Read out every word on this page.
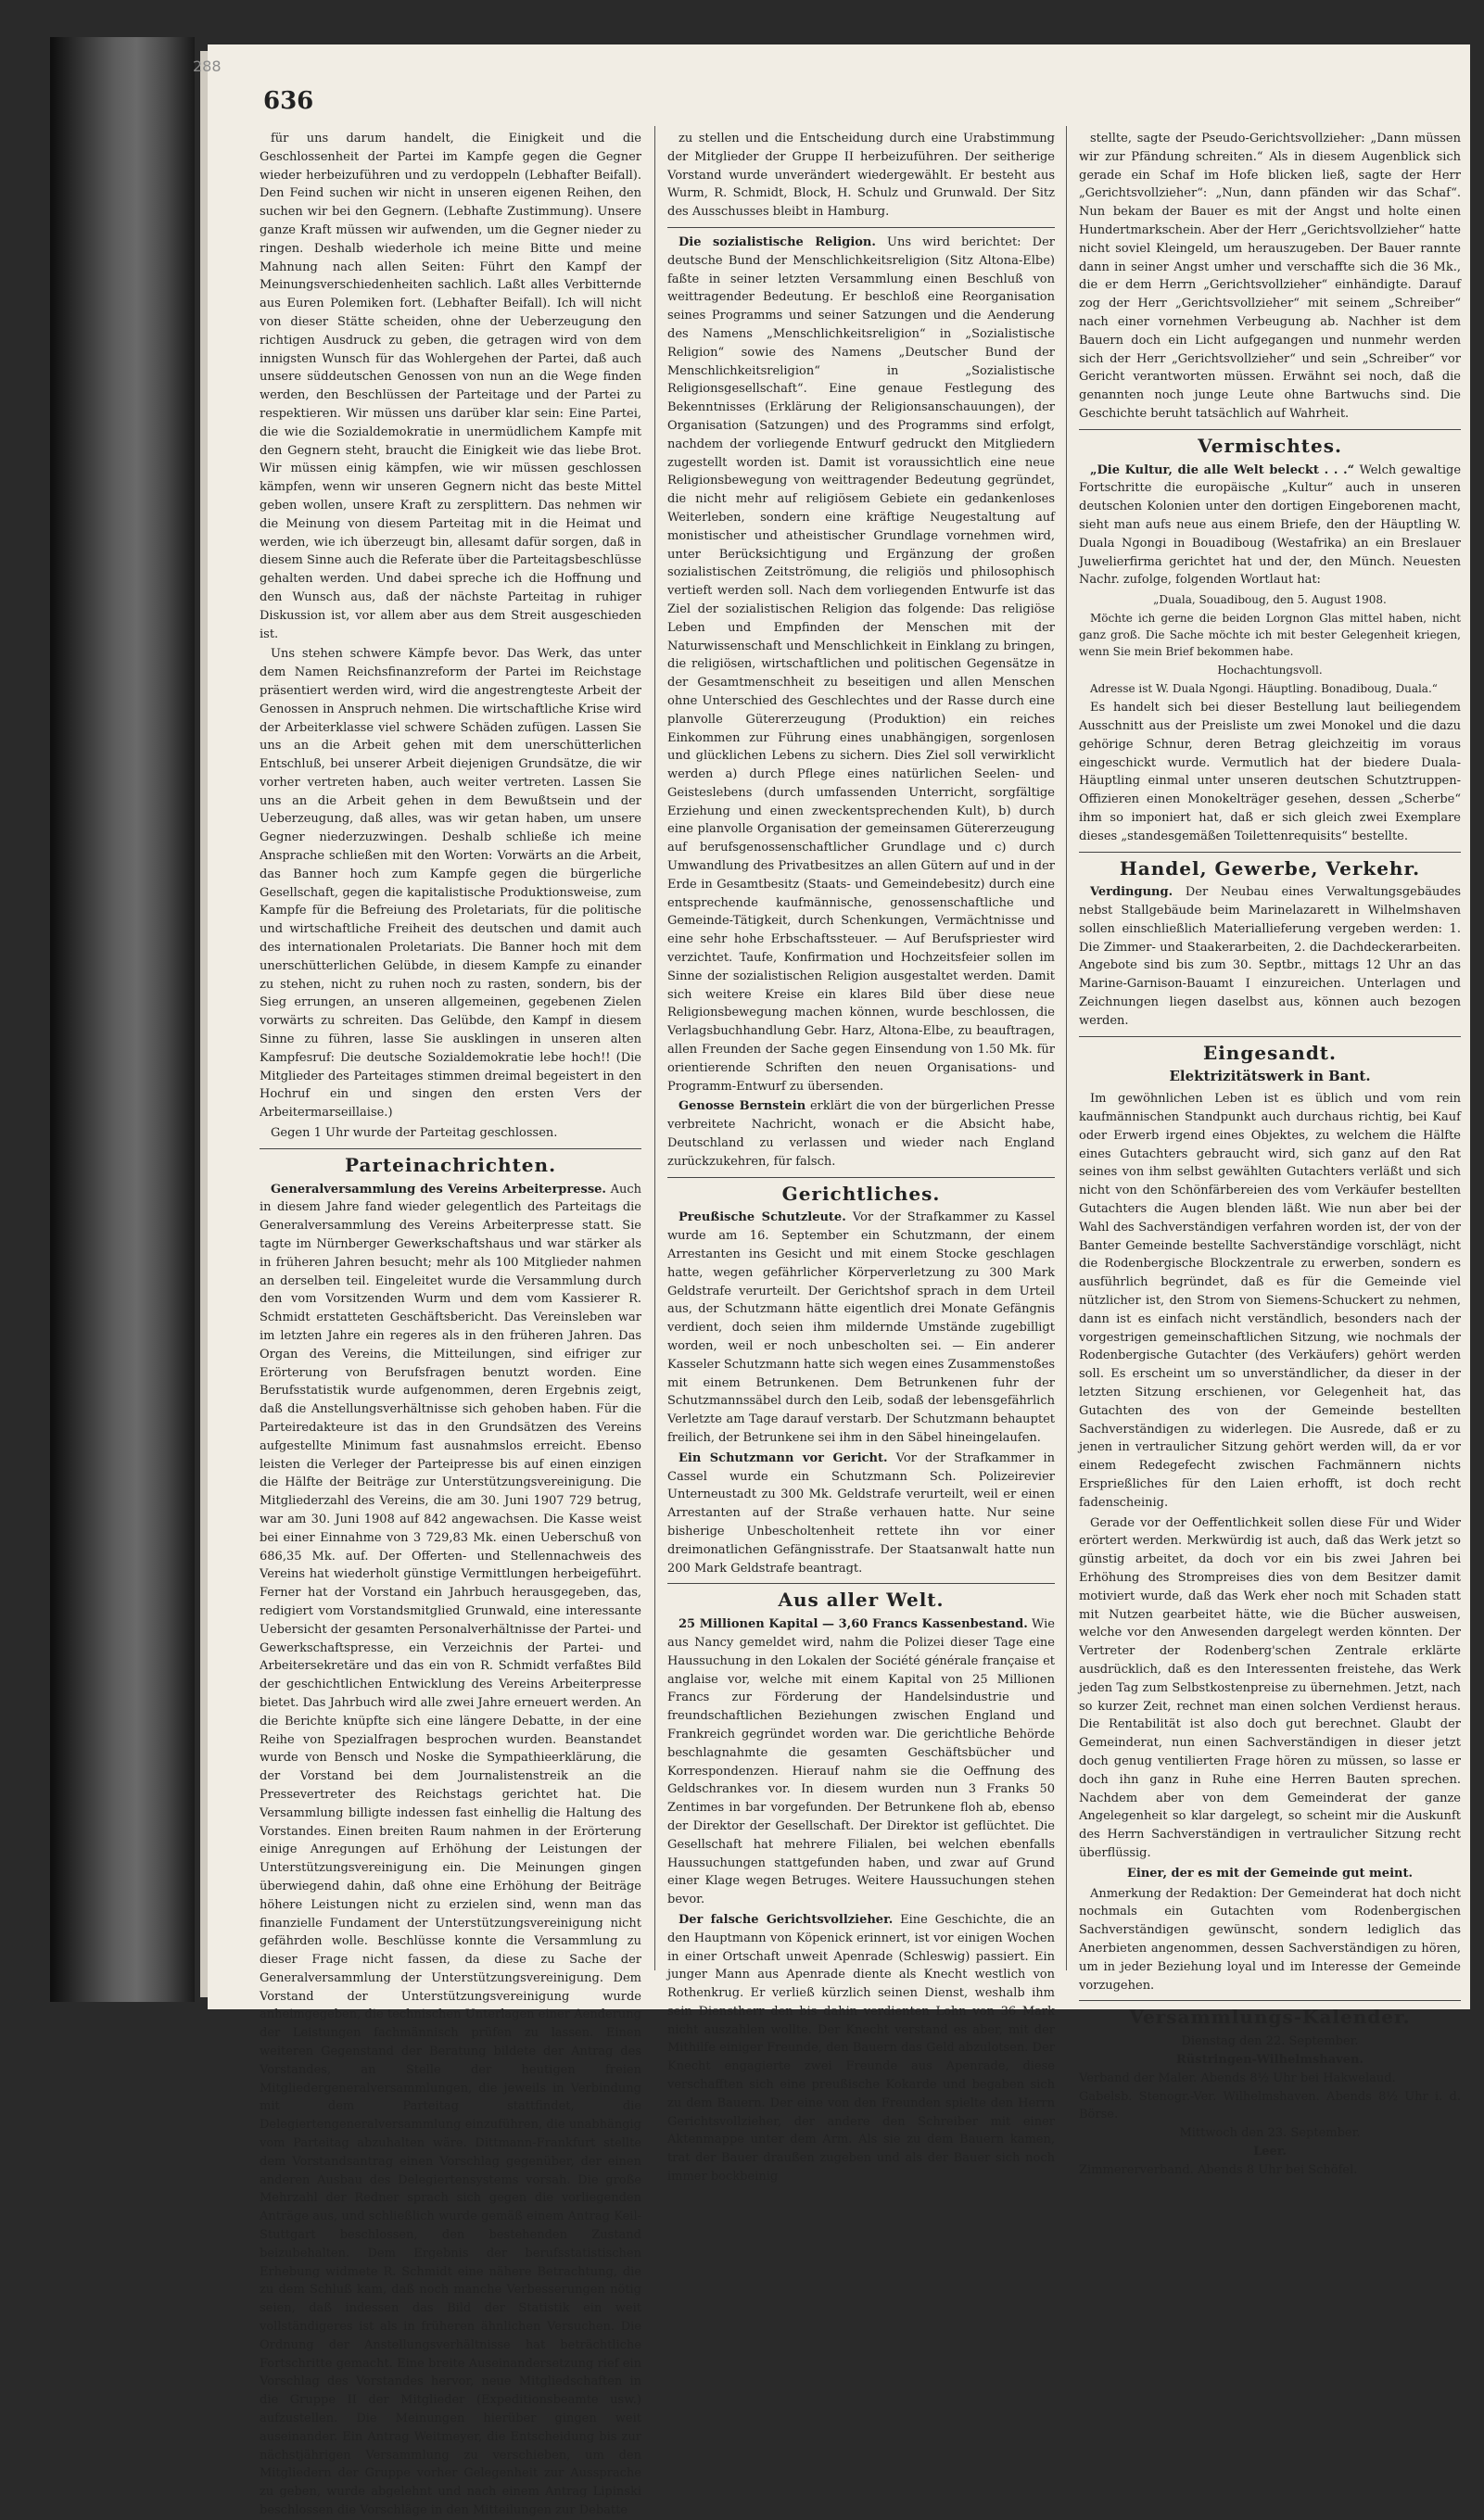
288
636

für uns darum handelt, die Einigkeit und die Geschlossenheit der Partei im Kampfe gegen die Gegner wieder herbeizuführen und zu verdoppeln (Lebhafter Beifall). Den Feind suchen wir nicht in unseren eigenen Reihen, den suchen wir bei den Gegnern. (Lebhafte Zustimmung). Unsere ganze Kraft müssen wir aufwenden, um die Gegner nieder zu ringen. Deshalb wiederhole ich meine Bitte und meine Mahnung nach allen Seiten: Führt den Kampf der Meinungsverschiedenheiten sachlich. Laßt alles Verbitternde aus Euren Polemiken fort. (Lebhafter Beifall). Ich will nicht von dieser Stätte scheiden, ohne der Ueberzeugung den richtigen Ausdruck zu geben, die getragen wird von dem innigsten Wunsch für das Wohlergehen der Partei, daß auch unsere süddeutschen Genossen von nun an die Wege finden werden, den Beschlüssen der Parteitage und der Partei zu respektieren. Wir müssen uns darüber klar sein: Eine Partei, die wie die Sozialdemokratie in unermüdlichem Kampfe mit den Gegnern steht, braucht die Einigkeit wie das liebe Brot. Wir müssen einig kämpfen, wie wir müssen geschlossen kämpfen, wenn wir unseren Gegnern nicht das beste Mittel geben wollen, unsere Kraft zu zersplittern. Das nehmen wir die Meinung von diesem Parteitag mit in die Heimat und werden, wie ich überzeugt bin, allesamt dafür sorgen, daß in diesem Sinne auch die Referate über die Parteitagsbeschlüsse gehalten werden. Und dabei spreche ich die Hoffnung und den Wunsch aus, daß der nächste Parteitag in ruhiger Diskussion ist, vor allem aber aus dem Streit ausgeschieden ist.

Uns stehen schwere Kämpfe bevor. Das Werk, das unter dem Namen Reichsfinanzreform der Partei im Reichstage präsentiert werden wird, wird die angestrengteste Arbeit der Genossen in Anspruch nehmen. Die wirtschaftliche Krise wird der Arbeiterklasse viel schwere Schäden zufügen. Lassen Sie uns an die Arbeit gehen mit dem unerschütterlichen Entschluß, bei unserer Arbeit diejenigen Grundsätze, die wir vorher vertreten haben, auch weiter vertreten. Lassen Sie uns an die Arbeit gehen in dem Bewußtsein und der Ueberzeugung, daß alles, was wir getan haben, um unsere Gegner niederzuzwingen. Deshalb schließe ich meine Ansprache schließen mit den Worten: Vorwärts an die Arbeit, das Banner hoch zum Kampfe gegen die bürgerliche Gesellschaft, gegen die kapitalistische Produktionsweise, zum Kampfe für die Befreiung des Proletariats, für die politische und wirtschaftliche Freiheit des deutschen und damit auch des internationalen Proletariats. Die Banner hoch mit dem unerschütterlichen Gelübde, in diesem Kampfe zu einander zu stehen, nicht zu ruhen noch zu rasten, sondern, bis der Sieg errungen, an unseren allgemeinen, gegebenen Zielen vorwärts zu schreiten. Das Gelübde, den Kampf in diesem Sinne zu führen, lasse Sie ausklingen in unseren alten Kampfesruf: Die deutsche Sozialdemokratie lebe hoch!! (Die Mitglieder des Parteitages stimmen dreimal begeistert in den Hochruf ein und singen den ersten Vers der Arbeitermarseillaise.)

Gegen 1 Uhr wurde der Parteitag geschlossen.

Parteinachrichten.

Generalversammlung des Vereins Arbeiterpresse. Auch in diesem Jahre fand wieder gelegentlich des Parteitags die Generalversammlung des Vereins Arbeiterpresse statt. Sie tagte im Nürnberger Gewerkschaftshaus und war stärker als in früheren Jahren besucht; mehr als 100 Mitglieder nahmen an derselben teil. Eingeleitet wurde die Versammlung durch den vom Vorsitzenden Wurm und dem vom Kassierer R. Schmidt erstatteten Geschäftsbericht. Das Vereinsleben war im letzten Jahre ein regeres als in den früheren Jahren. Das Organ des Vereins, die Mitteilungen, sind eifriger zur Erörterung von Berufsfragen benutzt worden. Eine Berufsstatistik wurde aufgenommen, deren Ergebnis zeigt, daß die Anstellungsverhältnisse sich gehoben haben. Für die Parteiredakteure ist das in den Grundsätzen des Vereins aufgestellte Minimum fast ausnahmslos erreicht. Ebenso leisten die Verleger der Parteipresse bis auf einen einzigen die Hälfte der Beiträge zur Unterstützungsvereinigung. Die Mitgliederzahl des Vereins, die am 30. Juni 1907 729 betrug, war am 30. Juni 1908 auf 842 angewachsen. Die Kasse weist bei einer Einnahme von 3 729,83 Mk. einen Ueberschuß von 686,35 Mk. auf. Der Offerten- und Stellennachweis des Vereins hat wiederholt günstige Vermittlungen herbeigeführt. Ferner hat der Vorstand ein Jahrbuch herausgegeben, das, redigiert vom Vorstandsmitglied Grunwald, eine interessante Uebersicht der gesamten Personalverhältnisse der Partei- und Gewerkschaftspresse, ein Verzeichnis der Partei- und Arbeitersekretäre und das ein von R. Schmidt verfaßtes Bild der geschichtlichen Entwicklung des Vereins Arbeiterpresse bietet. Das Jahrbuch wird alle zwei Jahre erneuert werden. An die Berichte knüpfte sich eine längere Debatte, in der eine Reihe von Spezialfragen besprochen wurden. Beanstandet wurde von Bensch und Noske die Sympathieerklärung, die der Vorstand bei dem Journalistenstreik an die Pressevertreter des Reichstags gerichtet hat. Die Versammlung billigte indessen fast einhellig die Haltung des Vorstandes. Einen breiten Raum nahmen in der Erörterung einige Anregungen auf Erhöhung der Leistungen der Unterstützungsvereinigung ein. Die Meinungen gingen überwiegend dahin, daß ohne eine Erhöhung der Beiträge höhere Leistungen nicht zu erzielen sind, wenn man das finanzielle Fundament der Unterstützungsvereinigung nicht gefährden wolle. Beschlüsse konnte die Versammlung zu dieser Frage nicht fassen, da diese zu Sache der Generalversammlung der Unterstützungsvereinigung. Dem Vorstand der Unterstützungsvereinigung wurde anheimgegeben, die technischen Unterlagen einer Aenderung der Leistungen fachmännisch prüfen zu lassen. Einen weiteren Gegenstand der Beratung bildete der Antrag des Vorstandes, an Stelle der heutigen freien Mitgliedergeneralversammlungen, die jeweils in Verbindung mit dem Parteitag stattfindet, die Delegiertengeneralversammlung einzuführen, die unabhängig vom Parteitag abzuhalten wäre. Dittmann-Frankfurt stellte dem Vorstandsantrag einen Vorschlag gegenüber, der einen anderen Ausbau des Delegiertensystems vorsah. Die große Mehrzahl der Redner sprach sich gegen die vorliegenden Anträge aus, und schließlich wurde gemäß einem Antrag Keil-Stuttgart beschlossen, den bestehenden Zustand beizubehalten. Dem Ergebnis der berufsstatistischen Erhebung widmete R. Schmidt eine nähere Betrachtung, die zu dem Schluß kam, daß noch manche Verbesserungen nötig seien, daß indessen das Bild der Statistik ein weit vollständigeres ist als in früheren ähnlichen Versuchen. Die Ordnung der Anstellungsverhältnisse hat beträchtliche Fortschritte gemacht. Eine breite Auseinandersetzung rief ein Vorschlag des Vorstandes hervor, neue Mitgliedschaften in die Gruppe II der Mitglieder (Expeditionsbeamte usw.) aufzustellen. Die Meinungen hierüber gingen weit auseinander. Ein Antrag Weitmeyer, die Entscheidung bis zur nächstjährigen Versammlung zu verschieben, um den Mitgliedern der Gruppe vorher Gelegenheit zur Aussprache zu geben, wurde abgelehnt und nach einem Antrag Lipinski beschlossen die Vorschläge in den Mitteilungen zur Debatte

zu stellen und die Entscheidung durch eine Urabstimmung der Mitglieder der Gruppe II herbeizuführen. Der seitherige Vorstand wurde unverändert wiedergewählt. Er besteht aus Wurm, R. Schmidt, Block, H. Schulz und Grunwald. Der Sitz des Ausschusses bleibt in Hamburg.

Die sozialistische Religion. Uns wird berichtet: Der deutsche Bund der Menschlichkeitsreligion (Sitz Altona-Elbe) faßte in seiner letzten Versammlung einen Beschluß von weittragender Bedeutung. Er beschloß eine Reorganisation seines Programms und seiner Satzungen und die Aenderung des Namens „Menschlichkeitsreligion“ in „Sozialistische Religion“ sowie des Namens „Deutscher Bund der Menschlichkeitsreligion“ in „Sozialistische Religionsgesellschaft“. Eine genaue Festlegung des Bekenntnisses (Erklärung der Religionsanschauungen), der Organisation (Satzungen) und des Programms sind erfolgt, nachdem der vorliegende Entwurf gedruckt den Mitgliedern zugestellt worden ist. Damit ist voraussichtlich eine neue Religionsbewegung von weittragender Bedeutung gegründet, die nicht mehr auf religiösem Gebiete ein gedankenloses Weiterleben, sondern eine kräftige Neugestaltung auf monistischer und atheistischer Grundlage vornehmen wird, unter Berücksichtigung und Ergänzung der großen sozialistischen Zeitströmung, die religiös und philosophisch vertieft werden soll. Nach dem vorliegenden Entwurfe ist das Ziel der sozialistischen Religion das folgende: Das religiöse Leben und Empfinden der Menschen mit der Naturwissenschaft und Menschlichkeit in Einklang zu bringen, die religiösen, wirtschaftlichen und politischen Gegensätze in der Gesamtmenschheit zu beseitigen und allen Menschen ohne Unterschied des Geschlechtes und der Rasse durch eine planvolle Gütererzeugung (Produktion) ein reiches Einkommen zur Führung eines unabhängigen, sorgenlosen und glücklichen Lebens zu sichern. Dies Ziel soll verwirklicht werden a) durch Pflege eines natürlichen Seelen- und Geisteslebens (durch umfassenden Unterricht, sorgfältige Erziehung und einen zweckentsprechenden Kult), b) durch eine planvolle Organisation der gemeinsamen Gütererzeugung auf berufsgenossenschaftlicher Grundlage und c) durch Umwandlung des Privatbesitzes an allen Gütern auf und in der Erde in Gesamtbesitz (Staats- und Gemeindebesitz) durch eine entsprechende kaufmännische, genossenschaftliche und Gemeinde-Tätigkeit, durch Schenkungen, Vermächtnisse und eine sehr hohe Erbschaftssteuer. — Auf Berufspriester wird verzichtet. Taufe, Konfirmation und Hochzeitsfeier sollen im Sinne der sozialistischen Religion ausgestaltet werden. Damit sich weitere Kreise ein klares Bild über diese neue Religionsbewegung machen können, wurde beschlossen, die Verlagsbuchhandlung Gebr. Harz, Altona-Elbe, zu beauftragen, allen Freunden der Sache gegen Einsendung von 1.50 Mk. für orientierende Schriften den neuen Organisations- und Programm-Entwurf zu übersenden.

Genosse Bernstein erklärt die von der bürgerlichen Presse verbreitete Nachricht, wonach er die Absicht habe, Deutschland zu verlassen und wieder nach England zurückzukehren, für falsch.

Gerichtliches.

Preußische Schutzleute. Vor der Strafkammer zu Kassel wurde am 16. September ein Schutzmann, der einem Arrestanten ins Gesicht und mit einem Stocke geschlagen hatte, wegen gefährlicher Körperverletzung zu 300 Mark Geldstrafe verurteilt. Der Gerichtshof sprach in dem Urteil aus, der Schutzmann hätte eigentlich drei Monate Gefängnis verdient, doch seien ihm mildernde Umstände zugebilligt worden, weil er noch unbescholten sei. — Ein anderer Kasseler Schutzmann hatte sich wegen eines Zusammenstoßes mit einem Betrunkenen. Dem Betrunkenen fuhr der Schutzmannssäbel durch den Leib, sodaß der lebensgefährlich Verletzte am Tage darauf verstarb. Der Schutzmann behauptet freilich, der Betrunkene sei ihm in den Säbel hineingelaufen.

Ein Schutzmann vor Gericht. Vor der Strafkammer in Cassel wurde ein Schutzmann Sch. Polizeirevier Unterneustadt zu 300 Mk. Geldstrafe verurteilt, weil er einen Arrestanten auf der Straße verhauen hatte. Nur seine bisherige Unbescholtenheit rettete ihn vor einer dreimonatlichen Gefängnisstrafe. Der Staatsanwalt hatte nun 200 Mark Geldstrafe beantragt.

Aus aller Welt.

25 Millionen Kapital — 3,60 Francs Kassenbestand. Wie aus Nancy gemeldet wird, nahm die Polizei dieser Tage eine Haussuchung in den Lokalen der Société générale française et anglaise vor, welche mit einem Kapital von 25 Millionen Francs zur Förderung der Handelsindustrie und freundschaftlichen Beziehungen zwischen England und Frankreich gegründet worden war. Die gerichtliche Behörde beschlagnahmte die gesamten Geschäftsbücher und Korrespondenzen. Hierauf nahm sie die Oeffnung des Geldschrankes vor. In diesem wurden nun 3 Franks 50 Zentimes in bar vorgefunden. Der Betrunkene floh ab, ebenso der Direktor der Gesellschaft. Der Direktor ist geflüchtet. Die Gesellschaft hat mehrere Filialen, bei welchen ebenfalls Haussuchungen stattgefunden haben, und zwar auf Grund einer Klage wegen Betruges. Weitere Haussuchungen stehen bevor.

Der falsche Gerichtsvollzieher. Eine Geschichte, die an den Hauptmann von Köpenick erinnert, ist vor einigen Wochen in einer Ortschaft unweit Apenrade (Schleswig) passiert. Ein junger Mann aus Apenrade diente als Knecht westlich von Rothenkrug. Er verließ kürzlich seinen Dienst, weshalb ihm sein Dienstherr den bis dahin verdienten Lohn von 36 Mark nicht auszahlen wollte. Der Knecht verstand es aber, mit der Mithilfe einiger Freunde, den Bauern das Geld abzulotsen. Der Knecht engagierte zwei Freunde aus Apenrade, diese verschafften sich eine preußische Kokarde und begaben sich zu dem Bauern. Der eine von den Freunden spielte den Herrn Gerichtsvollzieher, der andere den Schreiber mit einer Aktenmappe unter dem Arm. Als sie zu dem Bauern kamen, trat der Bauer draußen zugeben und als der Bauer sich noch immer bockbeinig

stellte, sagte der Pseudo-Gerichtsvollzieher: „Dann müssen wir zur Pfändung schreiten.“ Als in diesem Augenblick sich gerade ein Schaf im Hofe blicken ließ, sagte der Herr „Gerichtsvollzieher“: „Nun, dann pfänden wir das Schaf“. Nun bekam der Bauer es mit der Angst und holte einen Hundertmarkschein. Aber der Herr „Gerichtsvollzieher“ hatte nicht soviel Kleingeld, um herauszugeben. Der Bauer rannte dann in seiner Angst umher und verschaffte sich die 36 Mk., die er dem Herrn „Gerichtsvollzieher“ einhändigte. Darauf zog der Herr „Gerichtsvollzieher“ mit seinem „Schreiber“ nach einer vornehmen Verbeugung ab. Nachher ist dem Bauern doch ein Licht aufgegangen und nunmehr werden sich der Herr „Gerichtsvollzieher“ und sein „Schreiber“ vor Gericht verantworten müssen. Erwähnt sei noch, daß die genannten noch junge Leute ohne Bartwuchs sind. Die Geschichte beruht tatsächlich auf Wahrheit.

Vermischtes.

„Die Kultur, die alle Welt beleckt . . .“ Welch gewaltige Fortschritte die europäische „Kultur“ auch in unseren deutschen Kolonien unter den dortigen Eingeborenen macht, sieht man aufs neue aus einem Briefe, den der Häuptling W. Duala Ngongi in Bouadiboug (Westafrika) an ein Breslauer Juwelierfirma gerichtet hat und der, den Münch. Neuesten Nachr. zufolge, folgenden Wortlaut hat:

„Duala, Souadiboug, den 5. August 1908.

Möchte ich gerne die beiden Lorgnon Glas mittel haben, nicht ganz groß. Die Sache möchte ich mit bester Gelegenheit kriegen, wenn Sie mein Brief bekommen habe.

Hochachtungsvoll.

Adresse ist W. Duala Ngongi. Häuptling. Bonadiboug, Duala.“

Es handelt sich bei dieser Bestellung laut beiliegendem Ausschnitt aus der Preisliste um zwei Monokel und die dazu gehörige Schnur, deren Betrag gleichzeitig im voraus eingeschickt wurde. Vermutlich hat der biedere Duala-Häuptling einmal unter unseren deutschen Schutztruppen-Offizieren einen Monokelträger gesehen, dessen „Scherbe“ ihm so imponiert hat, daß er sich gleich zwei Exemplare dieses „standesgemäßen Toilettenrequisits“ bestellte.

Handel, Gewerbe, Verkehr.

Verdingung. Der Neubau eines Verwaltungsgebäudes nebst Stallgebäude beim Marinelazarett in Wilhelmshaven sollen einschließlich Materiallieferung vergeben werden: 1. Die Zimmer- und Staakerarbeiten, 2. die Dachdeckerarbeiten. Angebote sind bis zum 30. Septbr., mittags 12 Uhr an das Marine-Garnison-Bauamt I einzureichen. Unterlagen und Zeichnungen liegen daselbst aus, können auch bezogen werden.

Eingesandt.
Elektrizitätswerk in Bant.

Im gewöhnlichen Leben ist es üblich und vom rein kaufmännischen Standpunkt auch durchaus richtig, bei Kauf oder Erwerb irgend eines Objektes, zu welchem die Hälfte eines Gutachters gebraucht wird, sich ganz auf den Rat seines von ihm selbst gewählten Gutachters verläßt und sich nicht von den Schönfärbereien des vom Verkäufer bestellten Gutachters die Augen blenden läßt. Wie nun aber bei der Wahl des Sachverständigen verfahren worden ist, der von der Banter Gemeinde bestellte Sachverständige vorschlägt, nicht die Rodenbergische Blockzentrale zu erwerben, sondern es ausführlich begründet, daß es für die Gemeinde viel nützlicher ist, den Strom von Siemens-Schuckert zu nehmen, dann ist es einfach nicht verständlich, besonders nach der vorgestrigen gemeinschaftlichen Sitzung, wie nochmals der Rodenbergische Gutachter (des Verkäufers) gehört werden soll. Es erscheint um so unverständlicher, da dieser in der letzten Sitzung erschienen, vor Gelegenheit hat, das Gutachten des von der Gemeinde bestellten Sachverständigen zu widerlegen. Die Ausrede, daß er zu jenen in vertraulicher Sitzung gehört werden will, da er vor einem Redegefecht zwischen Fachmännern nichts Ersprießliches für den Laien erhofft, ist doch recht fadenscheinig.

Gerade vor der Oeffentlichkeit sollen diese Für und Wider erörtert werden. Merkwürdig ist auch, daß das Werk jetzt so günstig arbeitet, da doch vor ein bis zwei Jahren bei Erhöhung des Strompreises dies von dem Besitzer damit motiviert wurde, daß das Werk eher noch mit Schaden statt mit Nutzen gearbeitet hätte, wie die Bücher ausweisen, welche vor den Anwesenden dargelegt werden könnten. Der Vertreter der Rodenberg'schen Zentrale erklärte ausdrücklich, daß es den Interessenten freistehe, das Werk jeden Tag zum Selbstkostenpreise zu übernehmen. Jetzt, nach so kurzer Zeit, rechnet man einen solchen Verdienst heraus. Die Rentabilität ist also doch gut berechnet. Glaubt der Gemeinderat, nun einen Sachverständigen in dieser jetzt doch genug ventilierten Frage hören zu müssen, so lasse er doch ihn ganz in Ruhe eine Herren Bauten sprechen. Nachdem aber von dem Gemeinderat der ganze Angelegenheit so klar dargelegt, so scheint mir die Auskunft des Herrn Sachverständigen in vertraulicher Sitzung recht überflüssig.

Einer, der es mit der Gemeinde gut meint.

Anmerkung der Redaktion: Der Gemeinderat hat doch nicht nochmals ein Gutachten vom Rodenbergischen Sachverständigen gewünscht, sondern lediglich das Anerbieten angenommen, dessen Sachverständigen zu hören, um in jeder Beziehung loyal und im Interesse der Gemeinde vorzugehen.

Versammlungs-Kalender.

Dienstag den 22. September.

Rüstringen-Wilhelmshaven.

Verband der Maler. Abends 8½ Uhr bei Hakwelaud.

Gabelsb. Stenogr.-Ver. Wilhelmshaven. Abends 8½ Uhr i. d. Börse.

Mittwoch den 23. September.

Leer.

Zimmererverband. Abends 8 Uhr bei Schöfel.
